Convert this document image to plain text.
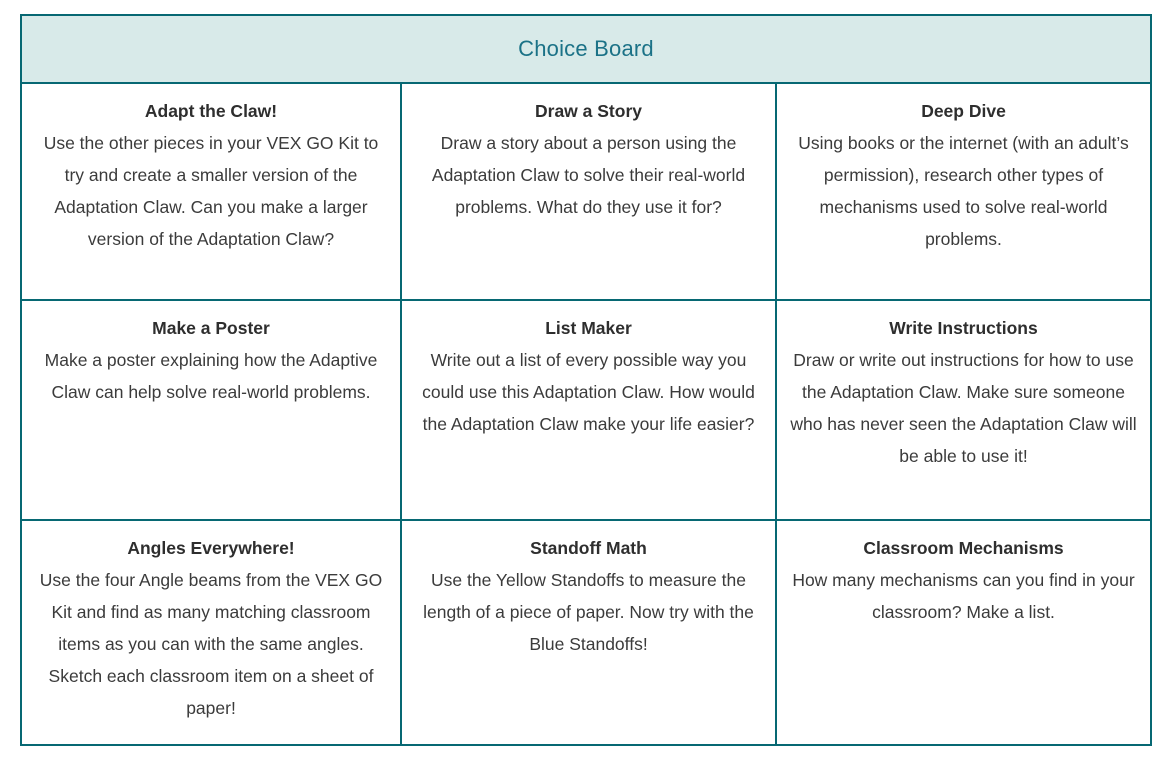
Choice Board
Adapt the Claw!
Use the other pieces in your VEX GO Kit to try and create a smaller version of the Adaptation Claw. Can you make a larger version of the Adaptation Claw?
Draw a Story
Draw a story about a person using the Adaptation Claw to solve their real-world problems. What do they use it for?
Deep Dive
Using books or the internet (with an adult’s permission), research other types of mechanisms used to solve real-world problems.
Make a Poster
Make a poster explaining how the Adaptive Claw can help solve real-world problems.
List Maker
Write out a list of every possible way you could use this Adaptation Claw. How would the Adaptation Claw make your life easier?
Write Instructions
Draw or write out instructions for how to use the Adaptation Claw. Make sure someone who has never seen the Adaptation Claw will be able to use it!
Angles Everywhere!
Use the four Angle beams from the VEX GO Kit and find as many matching classroom items as you can with the same angles. Sketch each classroom item on a sheet of paper!
Standoff Math
Use the Yellow Standoffs to measure the length of a piece of paper. Now try with the Blue Standoffs!
Classroom Mechanisms
How many mechanisms can you find in your classroom? Make a list.
